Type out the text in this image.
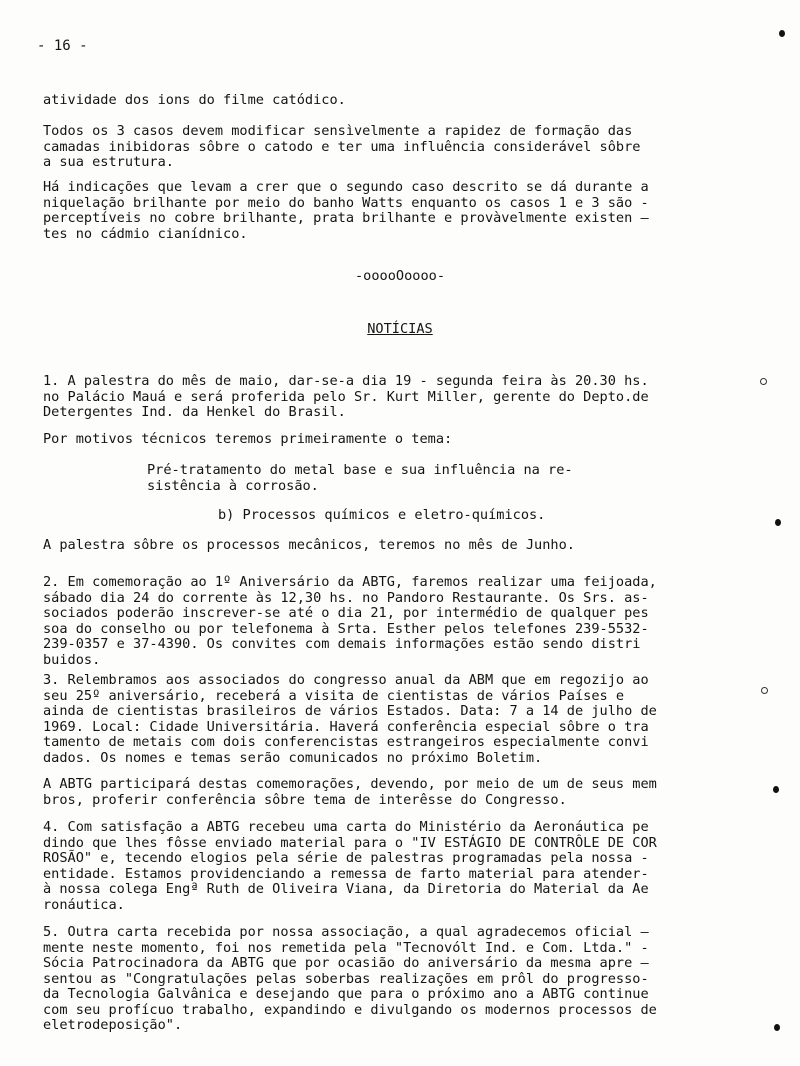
- 16 -

atividade dos ions do filme catódico.

Todos os 3 casos devem modificar sensìvelmente a rapidez de formação das
camadas inibidoras sôbre o catodo e ter uma influência considerável sôbre
a sua estrutura.

Há indicações que levam a crer que o segundo caso descrito se dá durante a
niquelação brilhante por meio do banho Watts enquanto os casos 1 e 3 são -
perceptíveis no cobre brilhante, prata brilhante e provàvelmente existen —
tes no cádmio cianídnico.

-ooooOoooo-
NOTÍCIAS

1. A palestra do mês de maio, dar-se-a dia 19 - segunda feira às 20.30 hs.
no Palácio Mauá e será proferida pelo Sr. Kurt Miller, gerente do Depto.de
Detergentes Ind. da Henkel do Brasil.

Por motivos técnicos teremos primeiramente o tema:

Pré-tratamento do metal base e sua influência na re-
sistência à corrosão.

b) Processos químicos e eletro-químicos.

A palestra sôbre os processos mecânicos, teremos no mês de Junho.

2. Em comemoração ao 1º Aniversário da ABTG, faremos realizar uma feijoada,
sábado dia 24 do corrente às 12,30 hs. no Pandoro Restaurante. Os Srs. as-
sociados poderão inscrever-se até o dia 21, por intermédio de qualquer pes
soa do conselho ou por telefonema à Srta. Esther pelos telefones 239-5532-
239-0357 e 37-4390. Os convites com demais informações estão sendo distri
buidos.

3. Relembramos aos associados do congresso anual da ABM que em regozijo ao
seu 25º aniversário, receberá a visita de cientistas de vários Países e
ainda de cientistas brasileiros de vários Estados. Data: 7 a 14 de julho de
1969. Local: Cidade Universitária. Haverá conferência especial sôbre o tra
tamento de metais com dois conferencistas estrangeiros especialmente convi
dados. Os nomes e temas serão comunicados no próximo Boletim.

A ABTG participará destas comemorações, devendo, por meio de um de seus mem
bros, proferir conferência sôbre tema de interêsse do Congresso.

4. Com satisfação a ABTG recebeu uma carta do Ministério da Aeronáutica pe
dindo que lhes fôsse enviado material para o "IV ESTÁGIO DE CONTRÔLE DE COR
ROSÃO" e, tecendo elogios pela série de palestras programadas pela nossa -
entidade. Estamos providenciando a remessa de farto material para atender-
à nossa colega Engª Ruth de Oliveira Viana, da Diretoria do Material da Ae
ronáutica.

5. Outra carta recebida por nossa associação, a qual agradecemos oficial —
mente neste momento, foi nos remetida pela "Tecnovólt Ind. e Com. Ltda." -
Sócia Patrocinadora da ABTG que por ocasião do aniversário da mesma apre —
sentou as "Congratulações pelas soberbas realizações em prôl do progresso-
da Tecnologia Galvânica e desejando que para o próximo ano a ABTG continue
com seu profícuo trabalho, expandindo e divulgando os modernos processos de
eletrodeposição".
